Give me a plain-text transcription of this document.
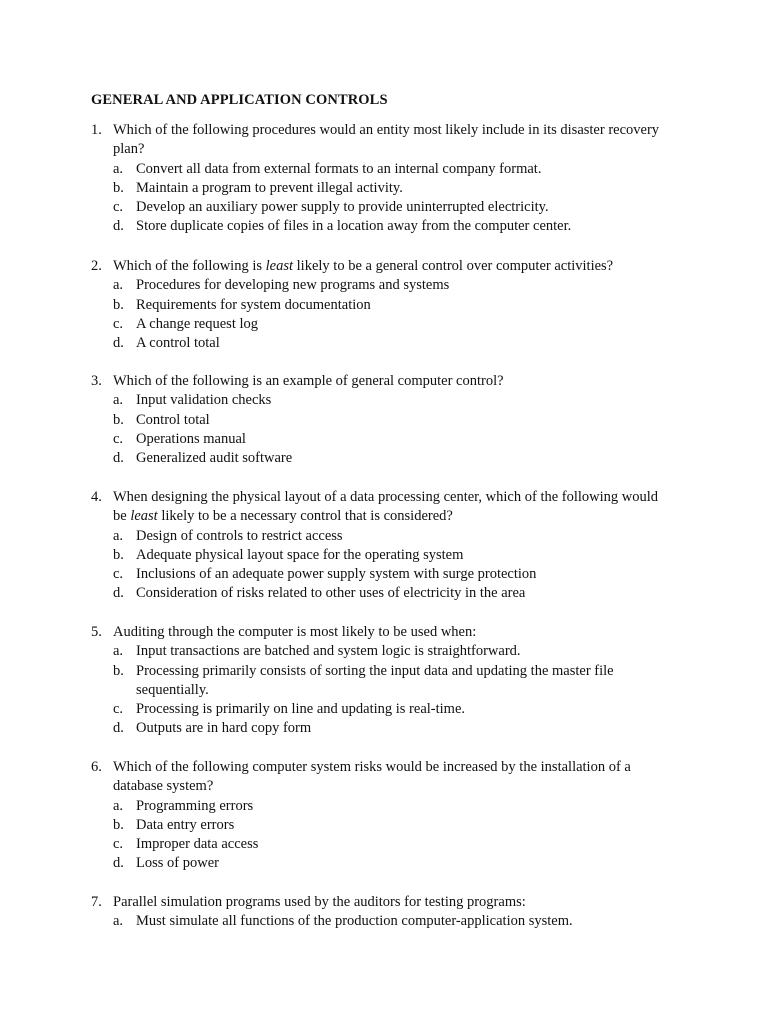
GENERAL AND APPLICATION CONTROLS
1. Which of the following procedures would an entity most likely include in its disaster recovery plan?
a. Convert all data from external formats to an internal company format.
b. Maintain a program to prevent illegal activity.
c. Develop an auxiliary power supply to provide uninterrupted electricity.
d. Store duplicate copies of files in a location away from the computer center.
2. Which of the following is least likely to be a general control over computer activities?
a. Procedures for developing new programs and systems
b. Requirements for system documentation
c. A change request log
d. A control total
3. Which of the following is an example of general computer control?
a. Input validation checks
b. Control total
c. Operations manual
d. Generalized audit software
4. When designing the physical layout of a data processing center, which of the following would be least likely to be a necessary control that is considered?
a. Design of controls to restrict access
b. Adequate physical layout space for the operating system
c. Inclusions of an adequate power supply system with surge protection
d. Consideration of risks related to other uses of electricity in the area
5. Auditing through the computer is most likely to be used when:
a. Input transactions are batched and system logic is straightforward.
b. Processing primarily consists of sorting the input data and updating the master file sequentially.
c. Processing is primarily on line and updating is real-time.
d. Outputs are in hard copy form
6. Which of the following computer system risks would be increased by the installation of a database system?
a. Programming errors
b. Data entry errors
c. Improper data access
d. Loss of power
7. Parallel simulation programs used by the auditors for testing programs:
a. Must simulate all functions of the production computer-application system.
